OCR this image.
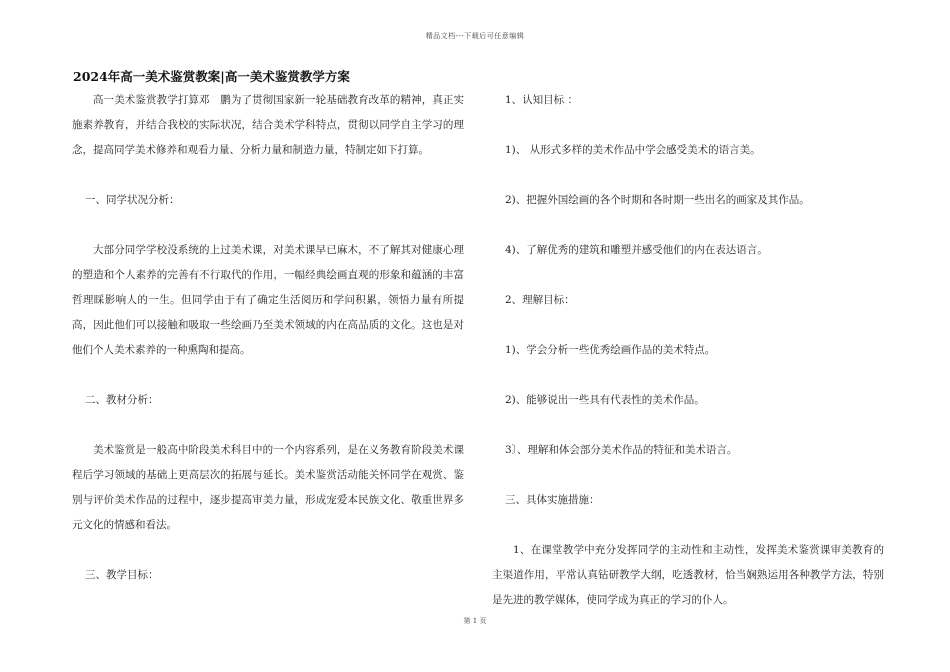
精品文档---下载后可任意编辑
2024年高一美术鉴赏教案|高一美术鉴赏教学方案

高一美术鉴赏教学打算邓　鹏为了贯彻国家新一轮基础教育改革的精神，真正实施素养教育，并结合我校的实际状况，结合美术学科特点，贯彻以同学自主学习的理念，提高同学美术修养和观看力量、分析力量和制造力量，特制定如下打算。

一、同学状况分析：

大部分同学学校没系统的上过美术课，对美术课早已麻木，不了解其对健康心理的塑造和个人素养的完善有不行取代的作用，一幅经典绘画直观的形象和蕴涵的丰富哲理睬影响人的一生。但同学由于有了确定生活阅历和学问积累，领悟力量有所提高，因此他们可以接触和吸取一些绘画乃至美术领域的内在高品质的文化。这也是对他们个人美术素养的一种熏陶和提高。

二、教材分析：

美术鉴赏是一般高中阶段美术科目中的一个内容系列，是在义务教育阶段美术课程后学习领域的基础上更高层次的拓展与延长。美术鉴赏活动能关怀同学在观赏、鉴别与评价美术作品的过程中，逐步提高审美力量，形成宠爱本民族文化、敬重世界多元文化的情感和看法。

三、教学目标：

1、认知目标 ：

1)、 从形式多样的美术作品中学会感受美术的语言美。

2)、把握外国绘画的各个时期和各时期一些出名的画家及其作品。

4)、了解优秀的建筑和雕塑并感受他们的内在表达语言。

2、理解目标：

1)、学会分析一些优秀绘画作品的美术特点。

2)、能够说出一些具有代表性的美术作品。

3〕、理解和体会部分美术作品的特征和美术语言。

三、具体实施措施：

1、在课堂教学中充分发挥同学的主动性和主动性，发挥美术鉴赏课审美教育的主渠道作用，平常认真钻研教学大纲，吃透教材，恰当娴熟运用各种教学方法，特别是先进的教学媒体，使同学成为真正的学习的仆人。

第 1 页
